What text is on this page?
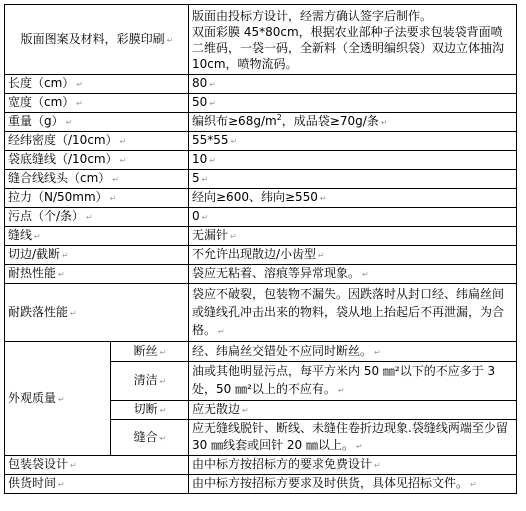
版面图案及材料，彩膜印刷 ↵		版面由投标方设计，经需方确认签字后制作。
双面彩膜 45*80cm，根据农业部种子法要求包装袋背面喷二维码，一袋一码，全新料（全透明编织袋）双边立体抽沟 10cm，喷物流码。

长度（cm） ↵		80 ↵
宽度（cm） ↵		50 ↵
重量（g） ↵		编织布$\ge 68g/m^2$，成品袋≥70g/条 ↵
经纬密度（/10cm） ↵		55*55 ↵
袋底缝线（/10cm） ↵		10 ↵
缝合线线头（cm） ↵		5 ↵
拉力（N/50mm） ↵		经向≥600、纬向≥550 ↵
污点（个/条） ↵		0 ↵
缝线 ↵		无漏针 ↵
切边/截断 ↵		不允许出现散边/小齿型 ↵
耐热性能 ↵		袋应无粘着、溶痕等异常现象。 ↵
耐跌落性能 ↵		袋应不破裂，包装物不漏失。因跌落时从封口经、纬扁丝间或缝线孔冲击出来的物料，袋从地上抬起后不再泄漏，为合格。 ↵
外观质量 ↵	断丝 ↵	经、纬扁丝交错处不应同时断丝。 ↵
	清洁 ↵	油或其他明显污点，每平方米内 50 ㎜²以下的不应多于 3 处，50 ㎜²以上的不应有。 ↵
	切断 ↵	应无散边 ↵
	缝合 ↵	应无缝线脱针、断线、未缝住卷折边现象.袋缝线两端至少留 30 ㎜线套或回针 20 ㎜以上。 ↵
包装袋设计 ↵		由中标方按招标方的要求免费设计 ↵
供货时间 ↵		由中标方按招标方要求及时供货，具体见招标文件。 ↵
